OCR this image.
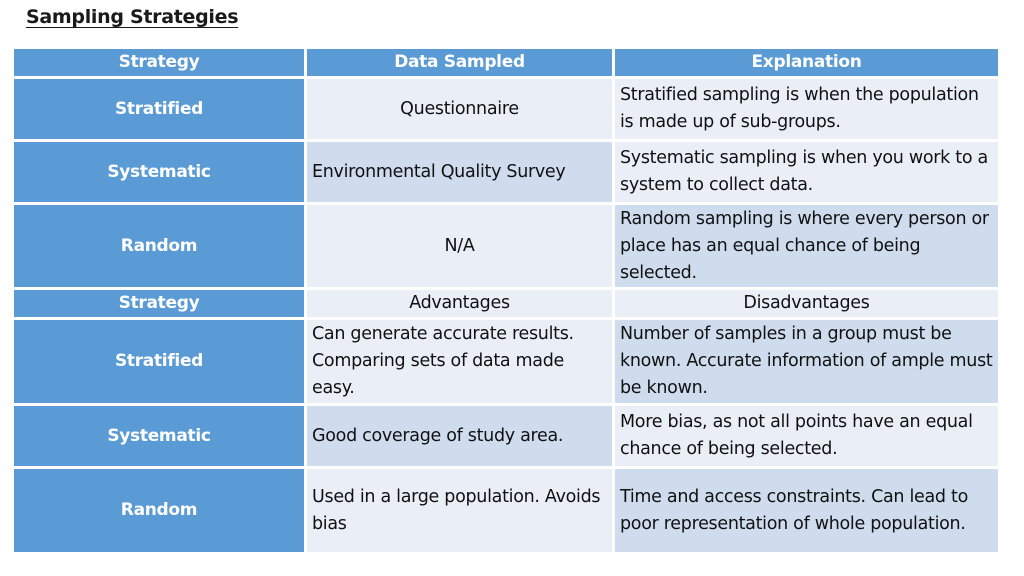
Sampling Strategies
Strategy	Data Sampled	Explanation
Stratified	Questionnaire	Stratified sampling is when the population is made up of sub-groups.
Systematic	Environmental Quality Survey	Systematic sampling is when you work to a system to collect data.
Random	N/A	Random sampling is where every person or place has an equal chance of being selected.
Strategy	Advantages	Disadvantages
Stratified	Can generate accurate results. Comparing sets of data made easy.	Number of samples in a group must be known. Accurate information of ample must be known.
Systematic	Good coverage of study area.	More bias, as not all points have an equal chance of being selected.
Random	Used in a large population. Avoids bias	Time and access constraints. Can lead to poor representation of whole population.
